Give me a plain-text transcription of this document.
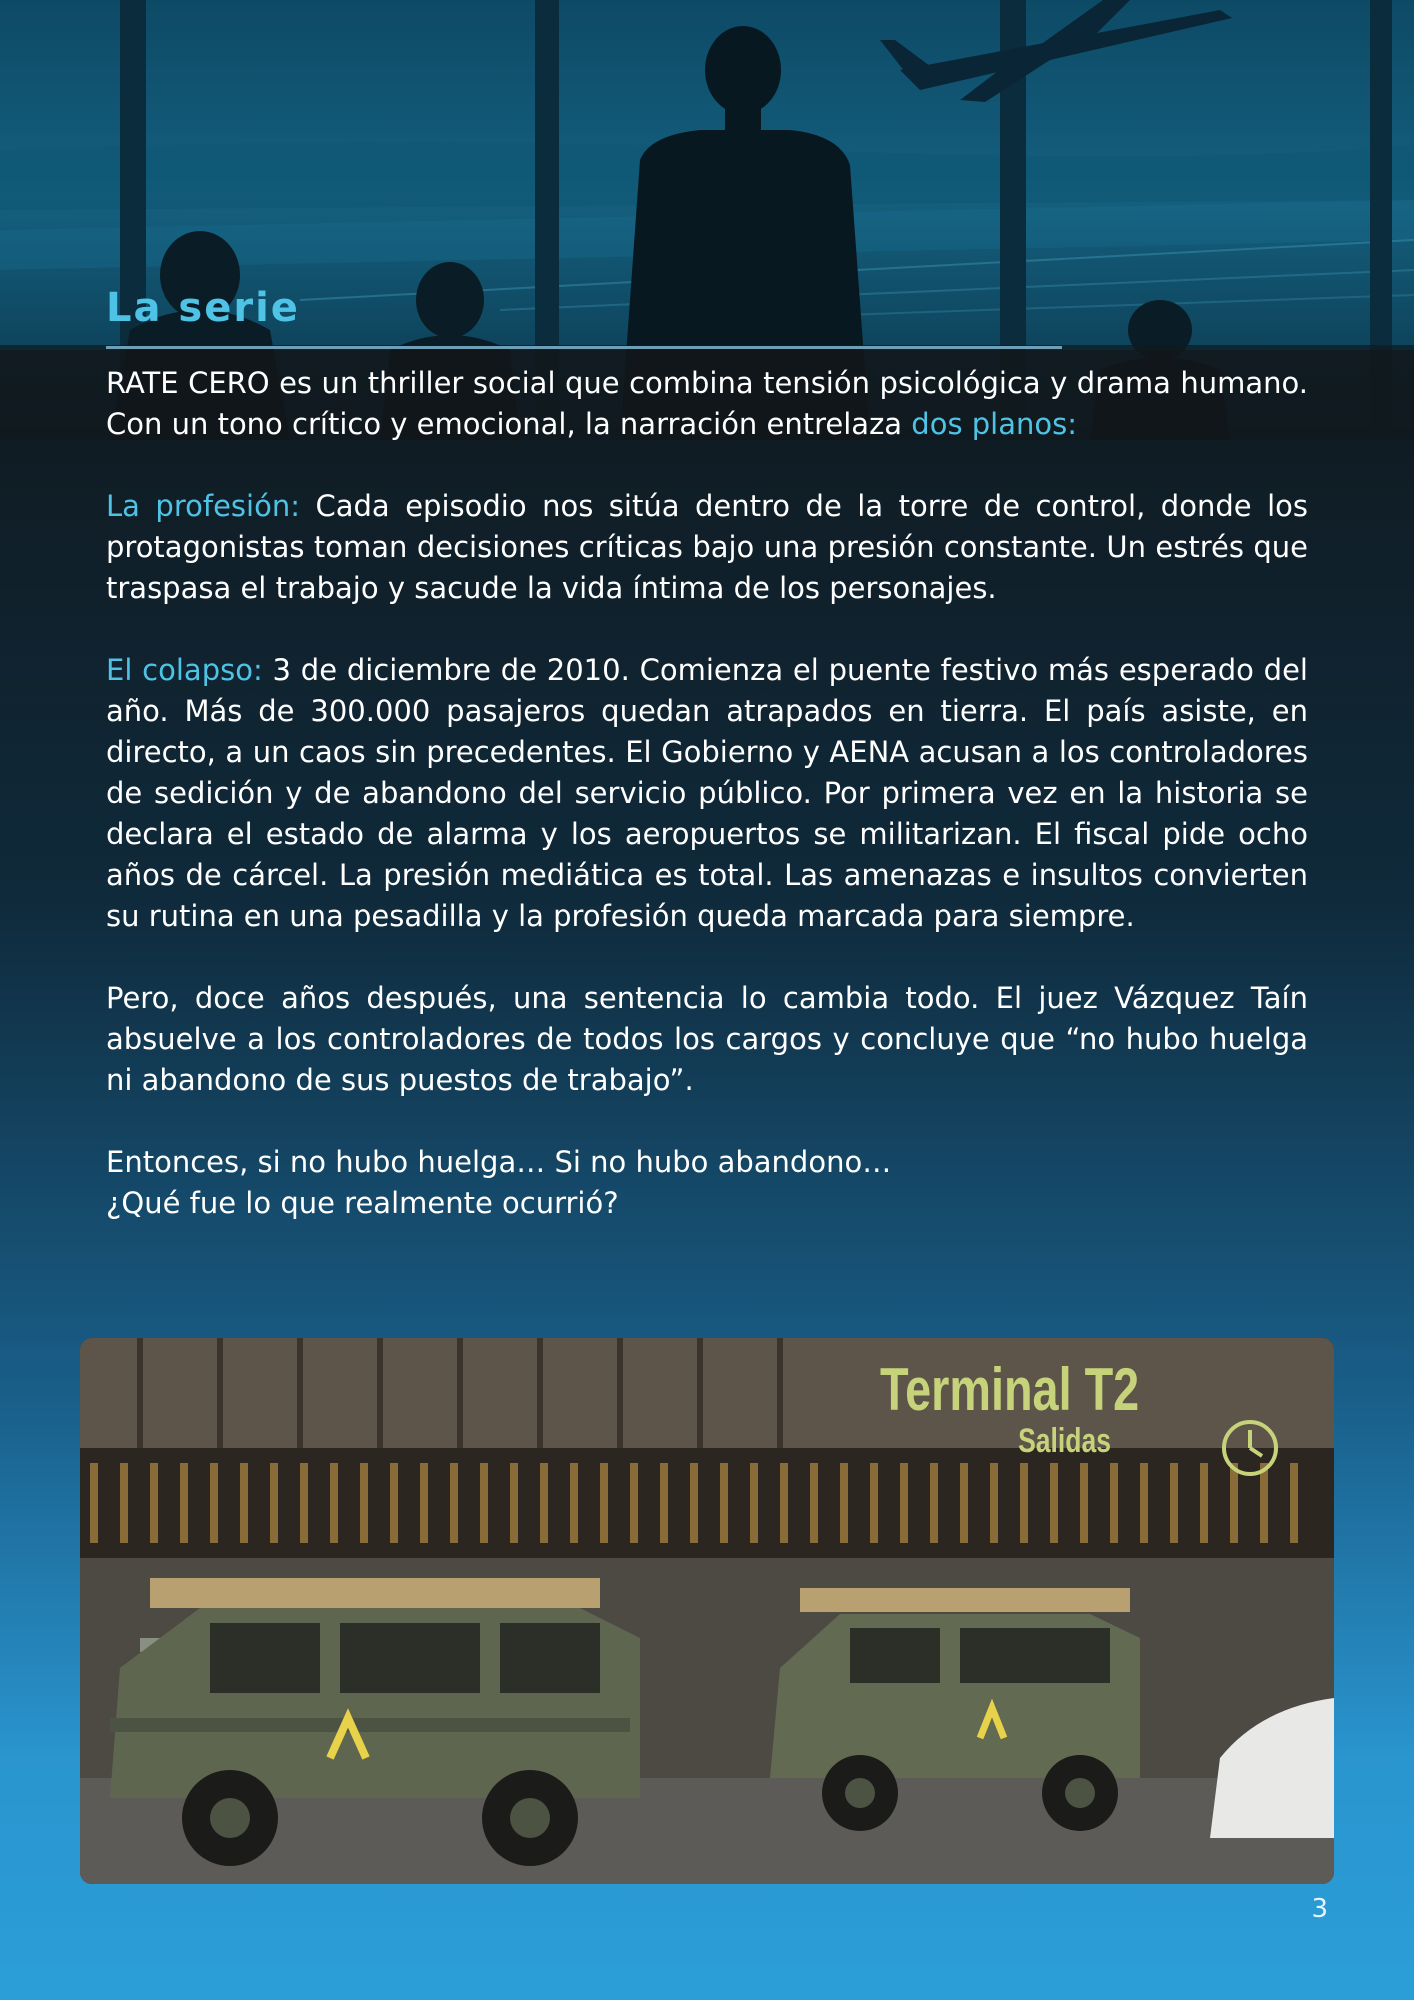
La serie

RATE CERO es un thriller social que combina tensión psicológica y drama humano. Con un tono crítico y emocional, la narración entrelaza dos planos:

La profesión: Cada episodio nos sitúa dentro de la torre de control, donde los protagonistas toman decisiones críticas bajo una presión constante. Un estrés que traspasa el trabajo y sacude la vida íntima de los personajes.

El colapso: 3 de diciembre de 2010. Comienza el puente festivo más esperado del año. Más de 300.000 pasajeros quedan atrapados en tierra. El país asiste, en directo, a un caos sin precedentes. El Gobierno y AENA acusan a los controladores de sedición y de abandono del servicio público. Por primera vez en la historia se declara el estado de alarma y los aeropuertos se militarizan. El fiscal pide ocho años de cárcel. La presión mediática es total. Las amenazas e insultos convierten su rutina en una pesadilla y la profesión queda marcada para siempre.

Pero, doce años después, una sentencia lo cambia todo. El juez Vázquez Taín absuelve a los controladores de todos los cargos y concluye que “no hubo huelga ni abandono de sus puestos de trabajo”.

Entonces, si no hubo huelga… Si no hubo abandono…
¿Qué fue lo que realmente ocurrió?

Terminal T2
Salidas
3
